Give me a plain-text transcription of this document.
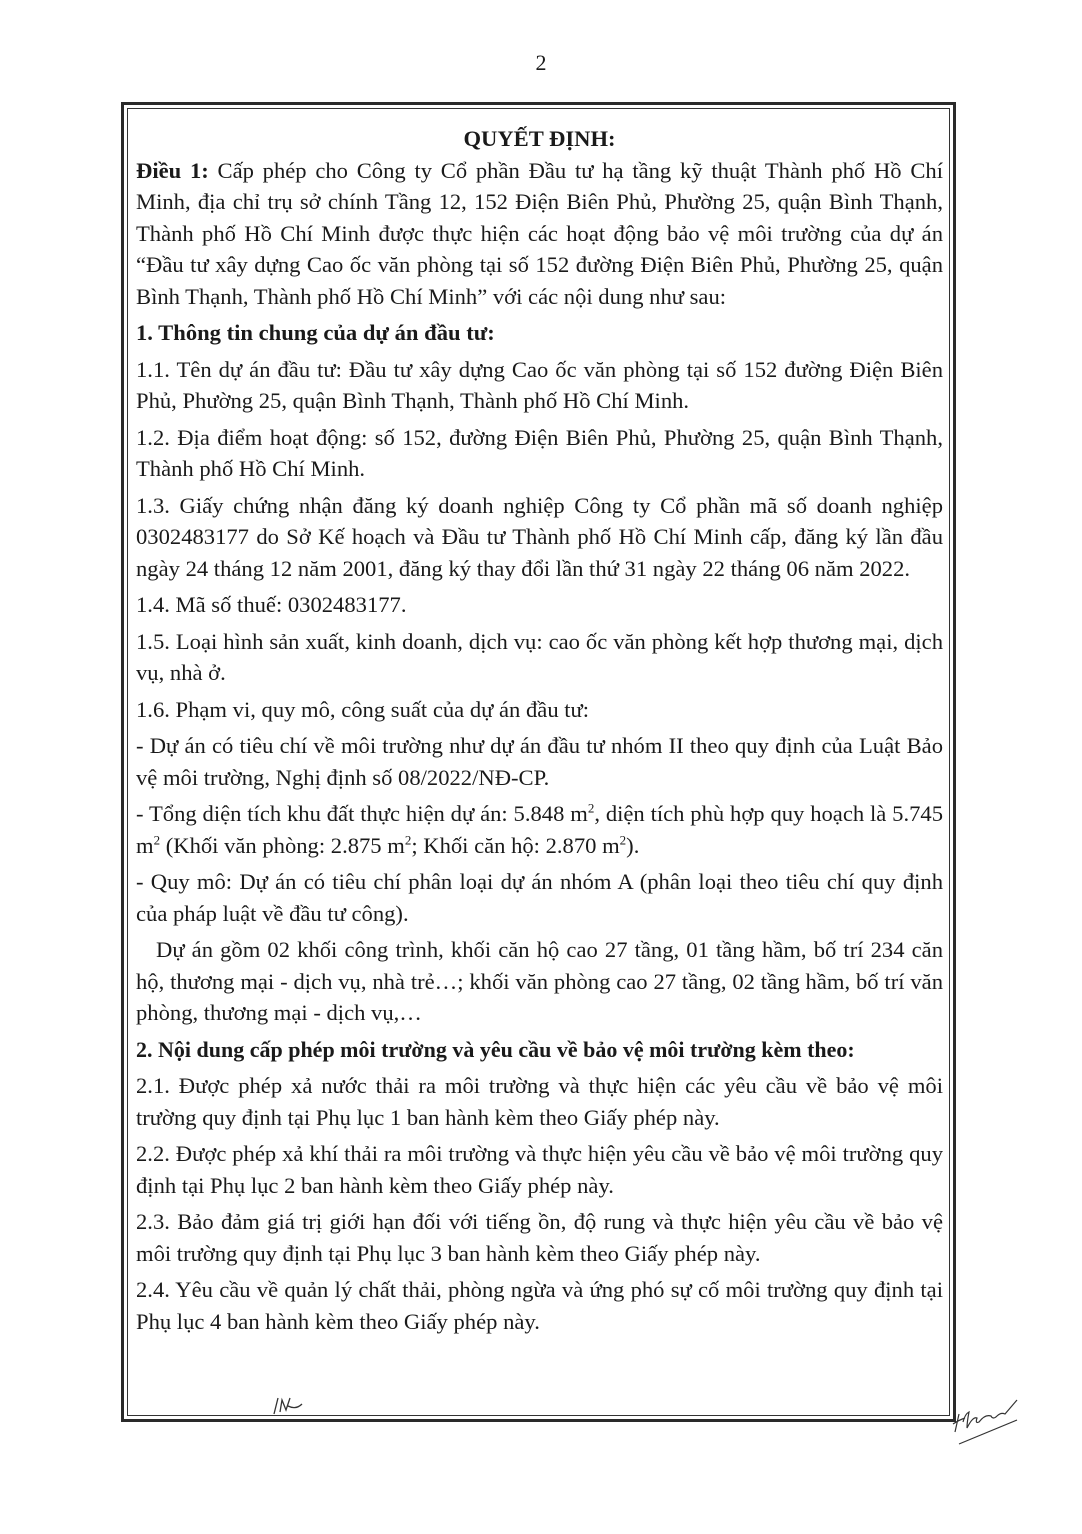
2
QUYẾT ĐỊNH:

Điều 1: Cấp phép cho Công ty Cổ phần Đầu tư hạ tầng kỹ thuật Thành phố Hồ Chí Minh, địa chỉ trụ sở chính Tầng 12, 152 Điện Biên Phủ, Phường 25, quận Bình Thạnh, Thành phố Hồ Chí Minh được thực hiện các hoạt động bảo vệ môi trường của dự án “Đầu tư xây dựng Cao ốc văn phòng tại số 152 đường Điện Biên Phủ, Phường 25, quận Bình Thạnh, Thành phố Hồ Chí Minh” với các nội dung như sau:

1. Thông tin chung của dự án đầu tư:

1.1. Tên dự án đầu tư: Đầu tư xây dựng Cao ốc văn phòng tại số 152 đường Điện Biên Phủ, Phường 25, quận Bình Thạnh, Thành phố Hồ Chí Minh.

1.2. Địa điểm hoạt động: số 152, đường Điện Biên Phủ, Phường 25, quận Bình Thạnh, Thành phố Hồ Chí Minh.

1.3. Giấy chứng nhận đăng ký doanh nghiệp Công ty Cổ phần mã số doanh nghiệp 0302483177 do Sở Kế hoạch và Đầu tư Thành phố Hồ Chí Minh cấp, đăng ký lần đầu ngày 24 tháng 12 năm 2001, đăng ký thay đổi lần thứ 31 ngày 22 tháng 06 năm 2022.

1.4. Mã số thuế: 0302483177.

1.5. Loại hình sản xuất, kinh doanh, dịch vụ: cao ốc văn phòng kết hợp thương mại, dịch vụ, nhà ở.

1.6. Phạm vi, quy mô, công suất của dự án đầu tư:

- Dự án có tiêu chí về môi trường như dự án đầu tư nhóm II theo quy định của Luật Bảo vệ môi trường, Nghị định số 08/2022/NĐ-CP.

- Tổng diện tích khu đất thực hiện dự án: 5.848 $m^2$, diện tích phù hợp quy hoạch là 5.745 $m^2$ (Khối văn phòng: 2.875 $m^2$; Khối căn hộ: 2.870 $m^2$).

- Quy mô: Dự án có tiêu chí phân loại dự án nhóm A (phân loại theo tiêu chí quy định của pháp luật về đầu tư công).

Dự án gồm 02 khối công trình, khối căn hộ cao 27 tầng, 01 tầng hầm, bố trí 234 căn hộ, thương mại - dịch vụ, nhà trẻ…; khối văn phòng cao 27 tầng, 02 tầng hầm, bố trí văn phòng, thương mại - dịch vụ,…

2. Nội dung cấp phép môi trường và yêu cầu về bảo vệ môi trường kèm theo:

2.1. Được phép xả nước thải ra môi trường và thực hiện các yêu cầu về bảo vệ môi trường quy định tại Phụ lục 1 ban hành kèm theo Giấy phép này.

2.2. Được phép xả khí thải ra môi trường và thực hiện yêu cầu về bảo vệ môi trường quy định tại Phụ lục 2 ban hành kèm theo Giấy phép này.

2.3. Bảo đảm giá trị giới hạn đối với tiếng ồn, độ rung và thực hiện yêu cầu về bảo vệ môi trường quy định tại Phụ lục 3 ban hành kèm theo Giấy phép này.

2.4. Yêu cầu về quản lý chất thải, phòng ngừa và ứng phó sự cố môi trường quy định tại Phụ lục 4 ban hành kèm theo Giấy phép này.
